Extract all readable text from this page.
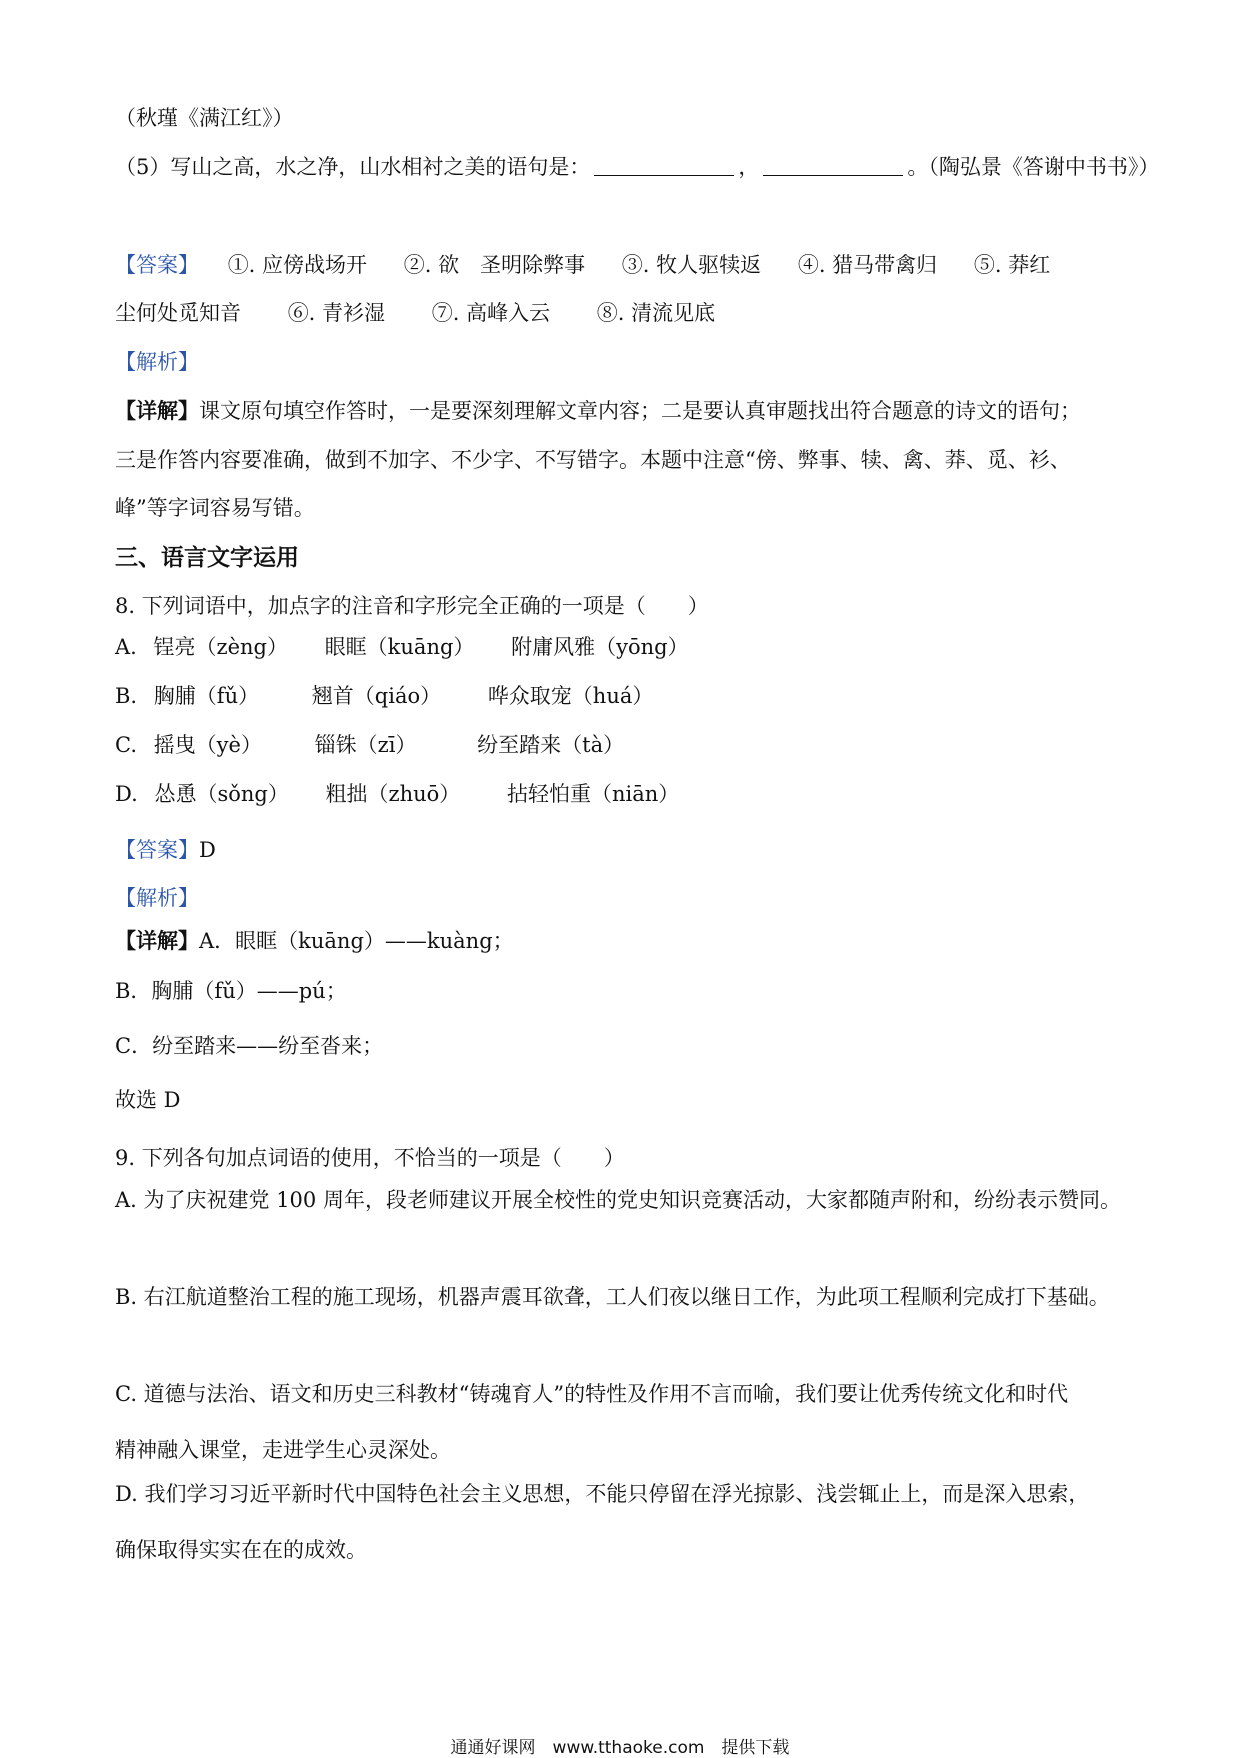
（秋瑾《满江红》）
（5）写山之高，水之净，山水相衬之美的语句是：	，	。（陶弘景《答谢中书书》）
【答案】 ①. 应傍战场开 ②. 欲　圣明除弊事 ③. 牧人驱犊返 ④. 猎马带禽归 ⑤. 莽红
尘何处觅知音 ⑥. 青衫湿 ⑦. 高峰入云 ⑧. 清流见底
【解析】
【详解】课文原句填空作答时，一是要深刻理解文章内容；二是要认真审题找出符合题意的诗文的语句；
三是作答内容要准确，做到不加字、不少字、不写错字。本题中注意“傍、弊事、犊、禽、莽、觅、衫、
峰”等字词容易写错。
三、语言文字运用
8. 下列词语中，加点字的注音和字形完全正确的一项是（　　）
A. 锃亮（zèng） 眼眶（kuāng） 附庸风雅（yōng）
B. 胸脯（fǔ）	翘首（qiáo） 哗众取宠（huá）
C. 摇曳（yè）	锱铢（zī）	纷至踏来（tà）
D. 怂恿（sǒng） 粗拙（zhuō） 拈轻怕重（niān）
【答案】D
【解析】
【详解】A．眼眶（kuāng）——kuàng；
B．胸脯（fǔ）——pú；
C．纷至踏来——纷至沓来；
故选 D
9. 下列各句加点词语的使用，不恰当的一项是（　　）
A. 为了庆祝建党 100 周年，段老师建议开展全校性的党史知识竞赛活动，大家都随声附和，纷纷表示赞同。
B. 右江航道整治工程的施工现场，机器声震耳欲聋，工人们夜以继日工作，为此项工程顺利完成打下基础。
C. 道德与法治、语文和历史三科教材“铸魂育人”的特性及作用不言而喻，我们要让优秀传统文化和时代
精神融入课堂，走进学生心灵深处。
D. 我们学习习近平新时代中国特色社会主义思想，不能只停留在浮光掠影、浅尝辄止上，而是深入思索，
确保取得实实在在的成效。
通通好课网　www.tthaoke.com　提供下载
